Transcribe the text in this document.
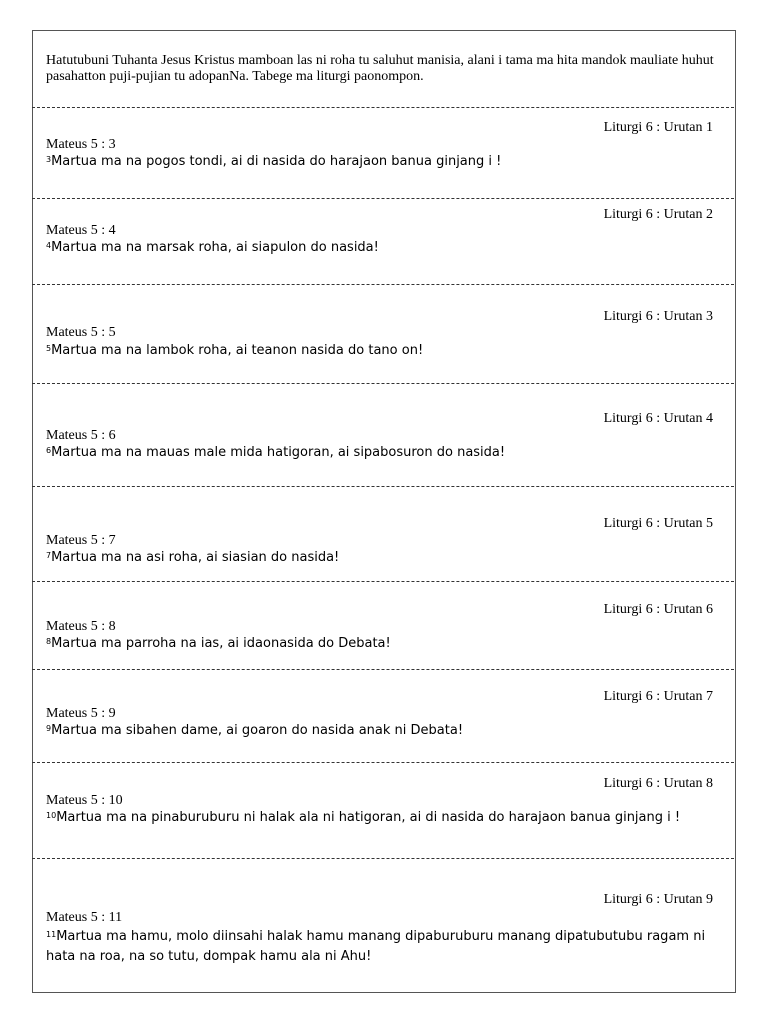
Hatutubuni Tuhanta Jesus Kristus mamboan las ni roha tu saluhut manisia, alani i tama ma hita mandok mauliate huhut pasahatton puji-pujian tu adopanNa. Tabege ma liturgi paonompon.
Liturgi 6 : Urutan 1
Mateus 5 : 3
$^3$Martua ma na pogos tondi, ai di nasida do harajaon banua ginjang i !
Liturgi 6 : Urutan 2
Mateus 5 : 4
$^4$Martua ma na marsak roha, ai siapulon do nasida!
Liturgi 6 : Urutan 3
Mateus 5 : 5
$^5$Martua ma na lambok roha, ai teanon nasida do tano on!
Liturgi 6 : Urutan 4
Mateus 5 : 6
$^6$Martua ma na mauas male mida hatigoran, ai sipabosuron do nasida!
Liturgi 6 : Urutan 5
Mateus 5 : 7
$^7$Martua ma na asi roha, ai siasian do nasida!
Liturgi 6 : Urutan 6
Mateus 5 : 8
$^8$Martua ma parroha na ias, ai idaonasida do Debata!
Liturgi 6 : Urutan 7
Mateus 5 : 9
$^9$Martua ma sibahen dame, ai goaron do nasida anak ni Debata!
Liturgi 6 : Urutan 8
Mateus 5 : 10
$^{10}$Martua ma na pinaburuburu ni halak ala ni hatigoran, ai di nasida do harajaon banua ginjang i !
Liturgi 6 : Urutan 9
Mateus 5 : 11
$^{11}$Martua ma hamu, molo diinsahi halak hamu manang dipaburuburu manang dipatubutubu ragam ni hata na roa, na so tutu, dompak hamu ala ni Ahu!
